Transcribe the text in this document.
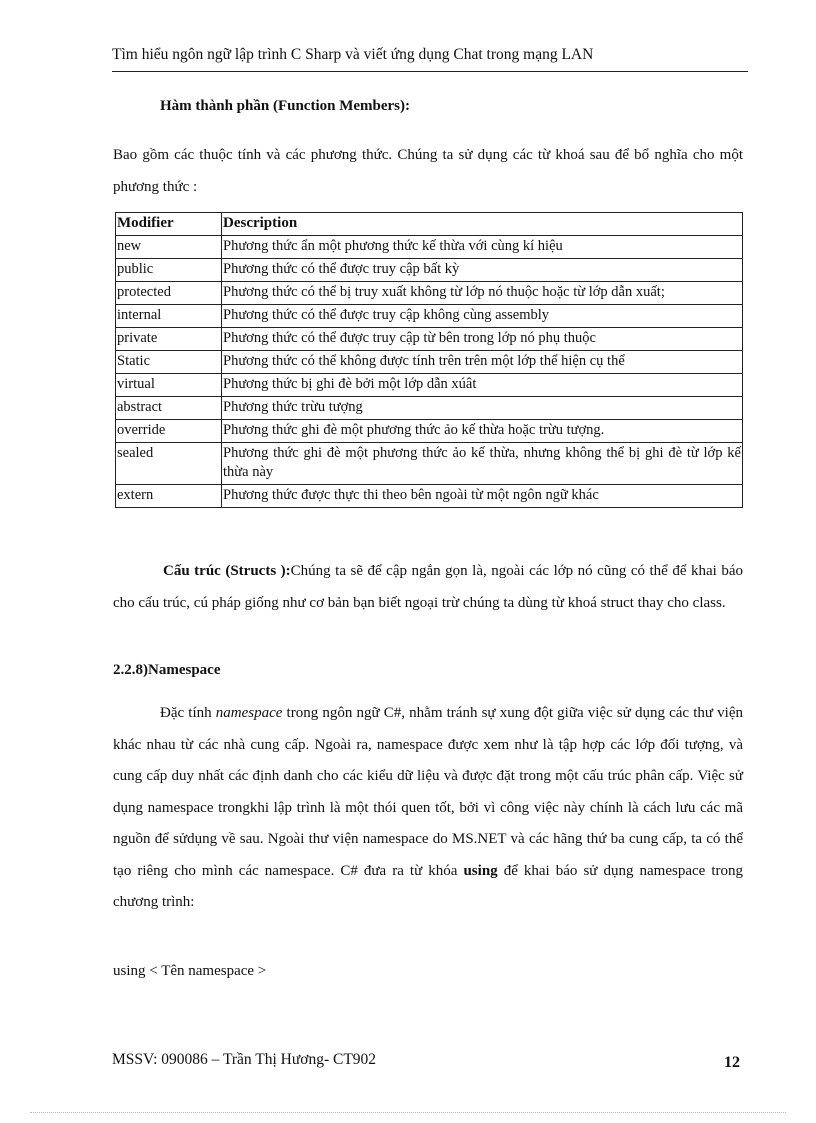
Tìm hiểu ngôn ngữ lập trình C Sharp và viết ứng dụng Chat trong mạng LAN
Hàm thành phần (Function Members):

Bao gồm các thuộc tính và các phương thức. Chúng ta sử dụng các từ khoá sau để bổ nghĩa cho một phương thức :

Modifier	Description
new	Phương thức ẩn một phương thức kế thừa với cùng kí hiệu
public	Phương thức có thể được truy cập bất kỳ
protected	Phương thức có thể bị truy xuất không từ lớp nó thuộc hoặc từ lớp dẫn xuất;
internal	Phương thức có thể được truy cập không cùng assembly
private	Phương thức có thể được truy cập từ bên trong lớp nó phụ thuộc
Static	Phương thức có thể không được tính trên trên một lớp thể hiện cụ thể
virtual	Phương thức bị ghi đè bởi một lớp dẫn xúât
abstract	Phương thức trừu tượng
override	Phương thức ghi đè một phương thức ảo kế thừa hoặc trừu tượng.
sealed	Phương thức ghi đè một phương thức ảo kế thừa, nhưng không thể bị ghi đè từ lớp kế thừa này
extern	Phương thức được thực thi theo bên ngoài từ một ngôn ngữ khác

Cấu trúc (Structs ):Chúng ta sẽ để cập ngắn gọn là, ngoài các lớp nó cũng có thể để khai báo cho cấu trúc, cú pháp giống như cơ bản bạn biết ngoại trừ chúng ta dùng từ khoá struct thay cho class.

2.2.8)Namespace

Đặc tính namespace trong ngôn ngữ C#, nhằm tránh sự xung đột giữa việc sử dụng các thư viện khác nhau từ các nhà cung cấp. Ngoài ra, namespace được xem như là tập hợp các lớp đối tượng, và cung cấp duy nhất các định danh cho các kiểu dữ liệu và được đặt trong một cấu trúc phân cấp. Việc sử dụng namespace trongkhi lập trình là một thói quen tốt, bởi vì công việc này chính là cách lưu các mã nguồn để sửdụng về sau. Ngoài thư viện namespace do MS.NET và các hãng thứ ba cung cấp, ta có thể tạo riêng cho mình các namespace. C# đưa ra từ khóa using để khai báo sử dụng namespace trong chương trình:

using < Tên namespace >
MSSV: 090086 – Trần Thị Hương- CT902	12
